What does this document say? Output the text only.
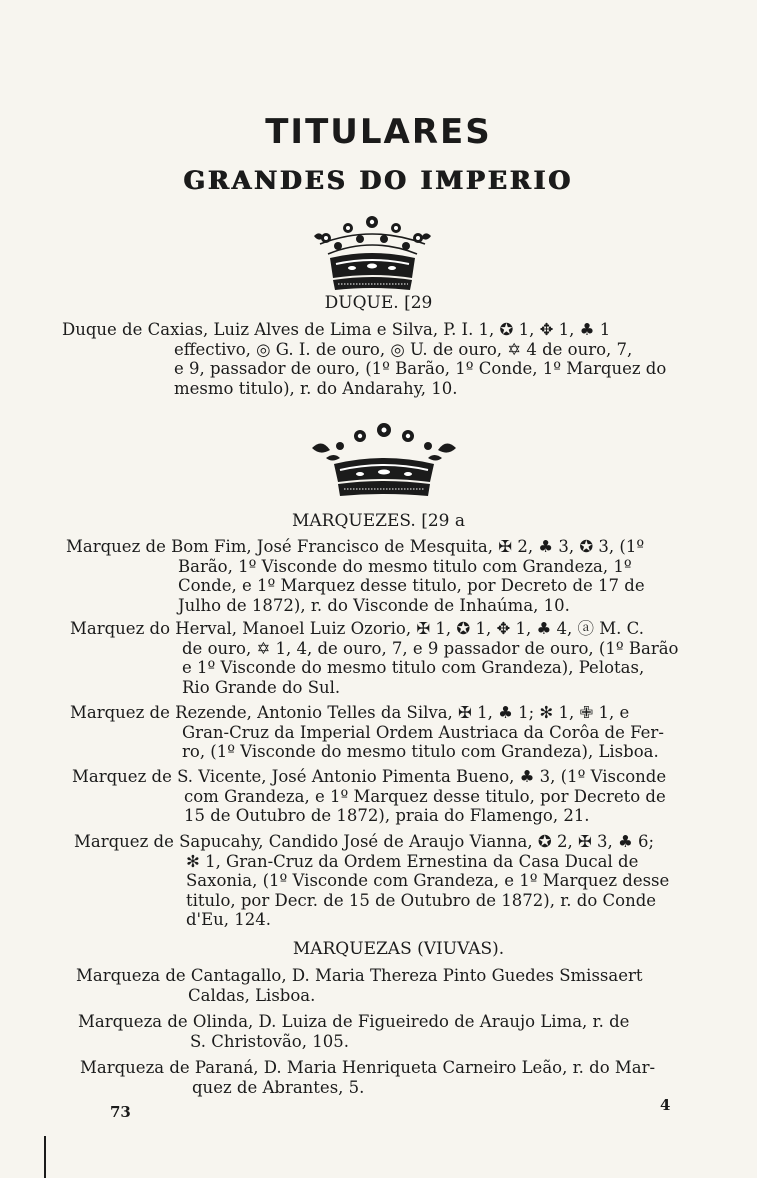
TITULARES
GRANDES DO IMPERIO
DUQUE. [29
Duque de Caxias, Luiz Alves de Lima e Silva, P. I. 1, ✪ 1, ✥ 1, ♣ 1
effectivo, ◎ G. I. de ouro, ◎ U. de ouro, ✡ 4 de ouro, 7,
e 9, passador de ouro, (1º Barão, 1º Conde, 1º Marquez do
mesmo titulo), r. do Andarahy, 10.
MARQUEZES. [29 a
Marquez de Bom Fim, José Francisco de Mesquita, ✠ 2, ♣ 3, ✪ 3, (1º
Barão, 1º Visconde do mesmo titulo com Grandeza, 1º
Conde, e 1º Marquez desse titulo, por Decreto de 17 de
Julho de 1872), r. do Visconde de Inhaúma, 10.
Marquez do Herval, Manoel Luiz Ozorio, ✠ 1, ✪ 1, ✥ 1, ♣ 4, ⓐ M. C.
de ouro, ✡ 1, 4, de ouro, 7, e 9 passador de ouro, (1º Barão
e 1º Visconde do mesmo titulo com Grandeza), Pelotas,
Rio Grande do Sul.
Marquez de Rezende, Antonio Telles da Silva, ✠ 1, ♣ 1; ✻ 1, ✙ 1, e
Gran-Cruz da Imperial Ordem Austriaca da Corôa de Fer-
ro, (1º Visconde do mesmo titulo com Grandeza), Lisboa.
Marquez de S. Vicente, José Antonio Pimenta Bueno, ♣ 3, (1º Visconde
com Grandeza, e 1º Marquez desse titulo, por Decreto de
15 de Outubro de 1872), praia do Flamengo, 21.
Marquez de Sapucahy, Candido José de Araujo Vianna, ✪ 2, ✠ 3, ♣ 6;
✻ 1, Gran-Cruz da Ordem Ernestina da Casa Ducal de
Saxonia, (1º Visconde com Grandeza, e 1º Marquez desse
titulo, por Decr. de 15 de Outubro de 1872), r. do Conde
d'Eu, 124.
MARQUEZAS (VIUVAS).
Marqueza de Cantagallo, D. Maria Thereza Pinto Guedes Smissaert
Caldas, Lisboa.
Marqueza de Olinda, D. Luiza de Figueiredo de Araujo Lima, r. de
S. Christovão, 105.
Marqueza de Paraná, D. Maria Henriqueta Carneiro Leão, r. do Mar-
quez de Abrantes, 5.
73	4
